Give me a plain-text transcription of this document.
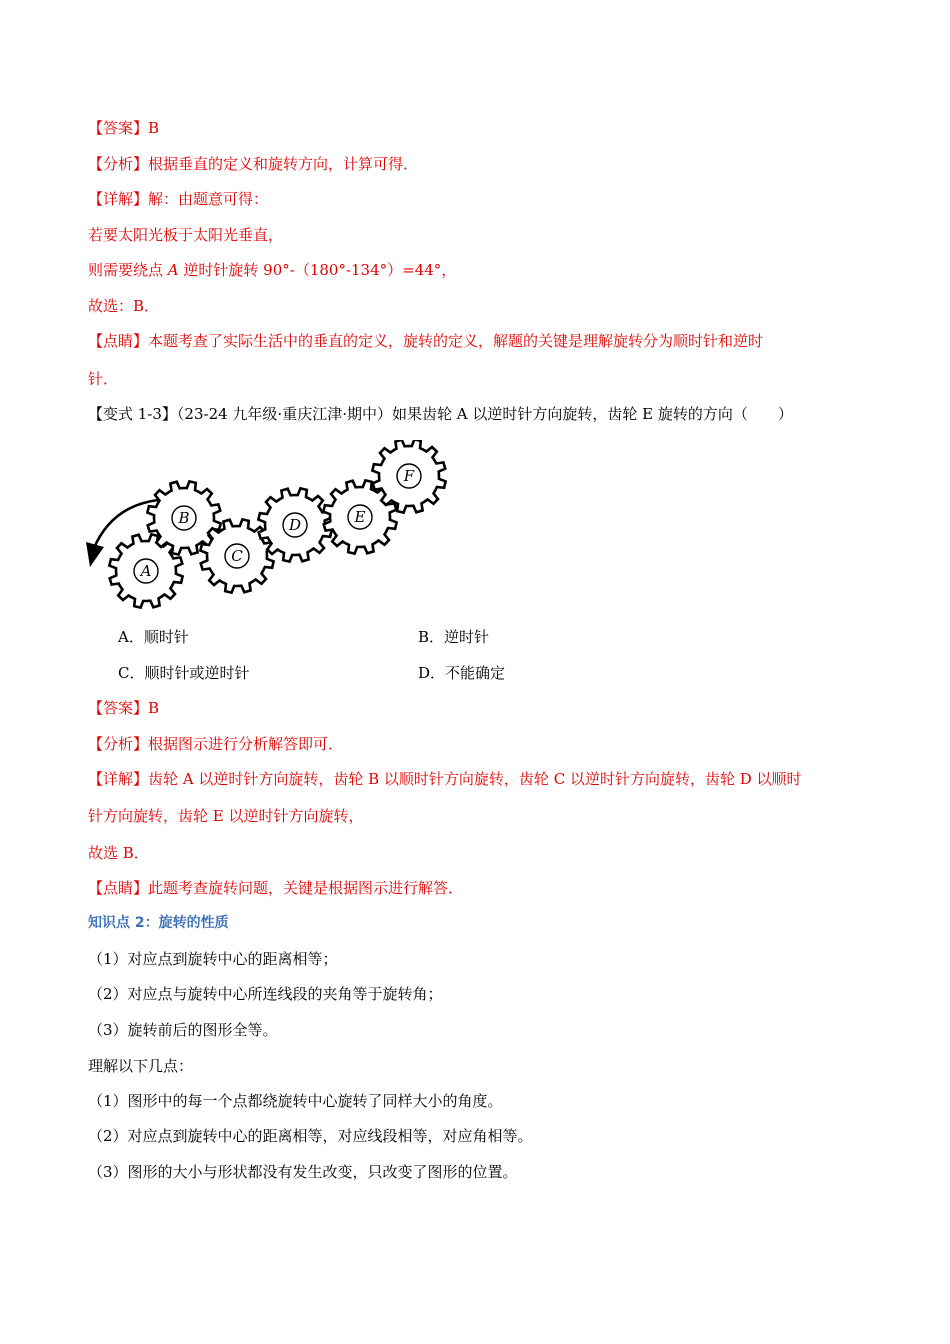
【答案】B
【分析】根据垂直的定义和旋转方向，计算可得．
【详解】解：由题意可得：
若要太阳光板于太阳光垂直，
则需要绕点 A 逆时针旋转 90°-（180°-134°）=44°，
故选：B．
【点睛】本题考查了实际生活中的垂直的定义，旋转的定义，解题的关键是理解旋转分为顺时针和逆时
针．
【变式 1-3】（23-24 九年级·重庆江津·期中）如果齿轮 A 以逆时针方向旋转，齿轮 E 旋转的方向（　　）
A
B
C
D	E
F
A．顺时针	B．逆时针
C．顺时针或逆时针	D．不能确定
【答案】B
【分析】根据图示进行分析解答即可．
【详解】齿轮 A 以逆时针方向旋转，齿轮 B 以顺时针方向旋转，齿轮 C 以逆时针方向旋转，齿轮 D 以顺时
针方向旋转，齿轮 E 以逆时针方向旋转，
故选 B．
【点睛】此题考查旋转问题，关键是根据图示进行解答．
知识点 2：旋转的性质
（1）对应点到旋转中心的距离相等；
（2）对应点与旋转中心所连线段的夹角等于旋转角；
（3）旋转前后的图形全等。
理解以下几点：
（1）图形中的每一个点都绕旋转中心旋转了同样大小的角度。
（2）对应点到旋转中心的距离相等，对应线段相等，对应角相等。
（3）图形的大小与形状都没有发生改变，只改变了图形的位置。
